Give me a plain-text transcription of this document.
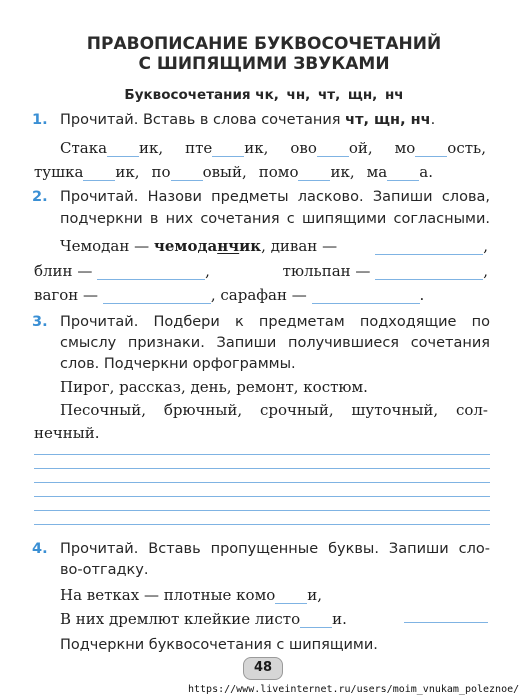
ПРАВОПИСАНИЕ БУКВОСОЧЕТАНИЙ
С ШИПЯЩИМИ ЗВУКАМИ
Буквосочетания чк, чн, чт, щн, нч
1. Прочитай. Вставь в слова сочетания чт, щн, нч.
Стака ик, пте ик, ово ой, мо ость,
тушка ик, по овый, помо ик, ма а.
2. Прочитай. Назови предметы ласково. Запиши слова,
подчеркни в них сочетания с шипящими согласными.
Чемодан — чемоданчик, диван —	,
блин —	,	тюльпан —	,
вагон —	, сарафан —	.
3. Прочитай. Подбери к предметам подходящие по
смыслу признаки. Запиши получившиеся сочетания
слов. Подчеркни орфограммы.
Пирог, рассказ, день, ремонт, костюм.
Песочный, брючный, срочный, шуточный, сол-
нечный.
4. Прочитай. Вставь пропущенные буквы. Запиши сло-
во-отгадку.
На ветках — плотные комо и,
В них дремлют клейкие листо и.
Подчеркни буквосочетания с шипящими.
48
https://www.liveinternet.ru/users/moim_vnukam_poleznoe/
